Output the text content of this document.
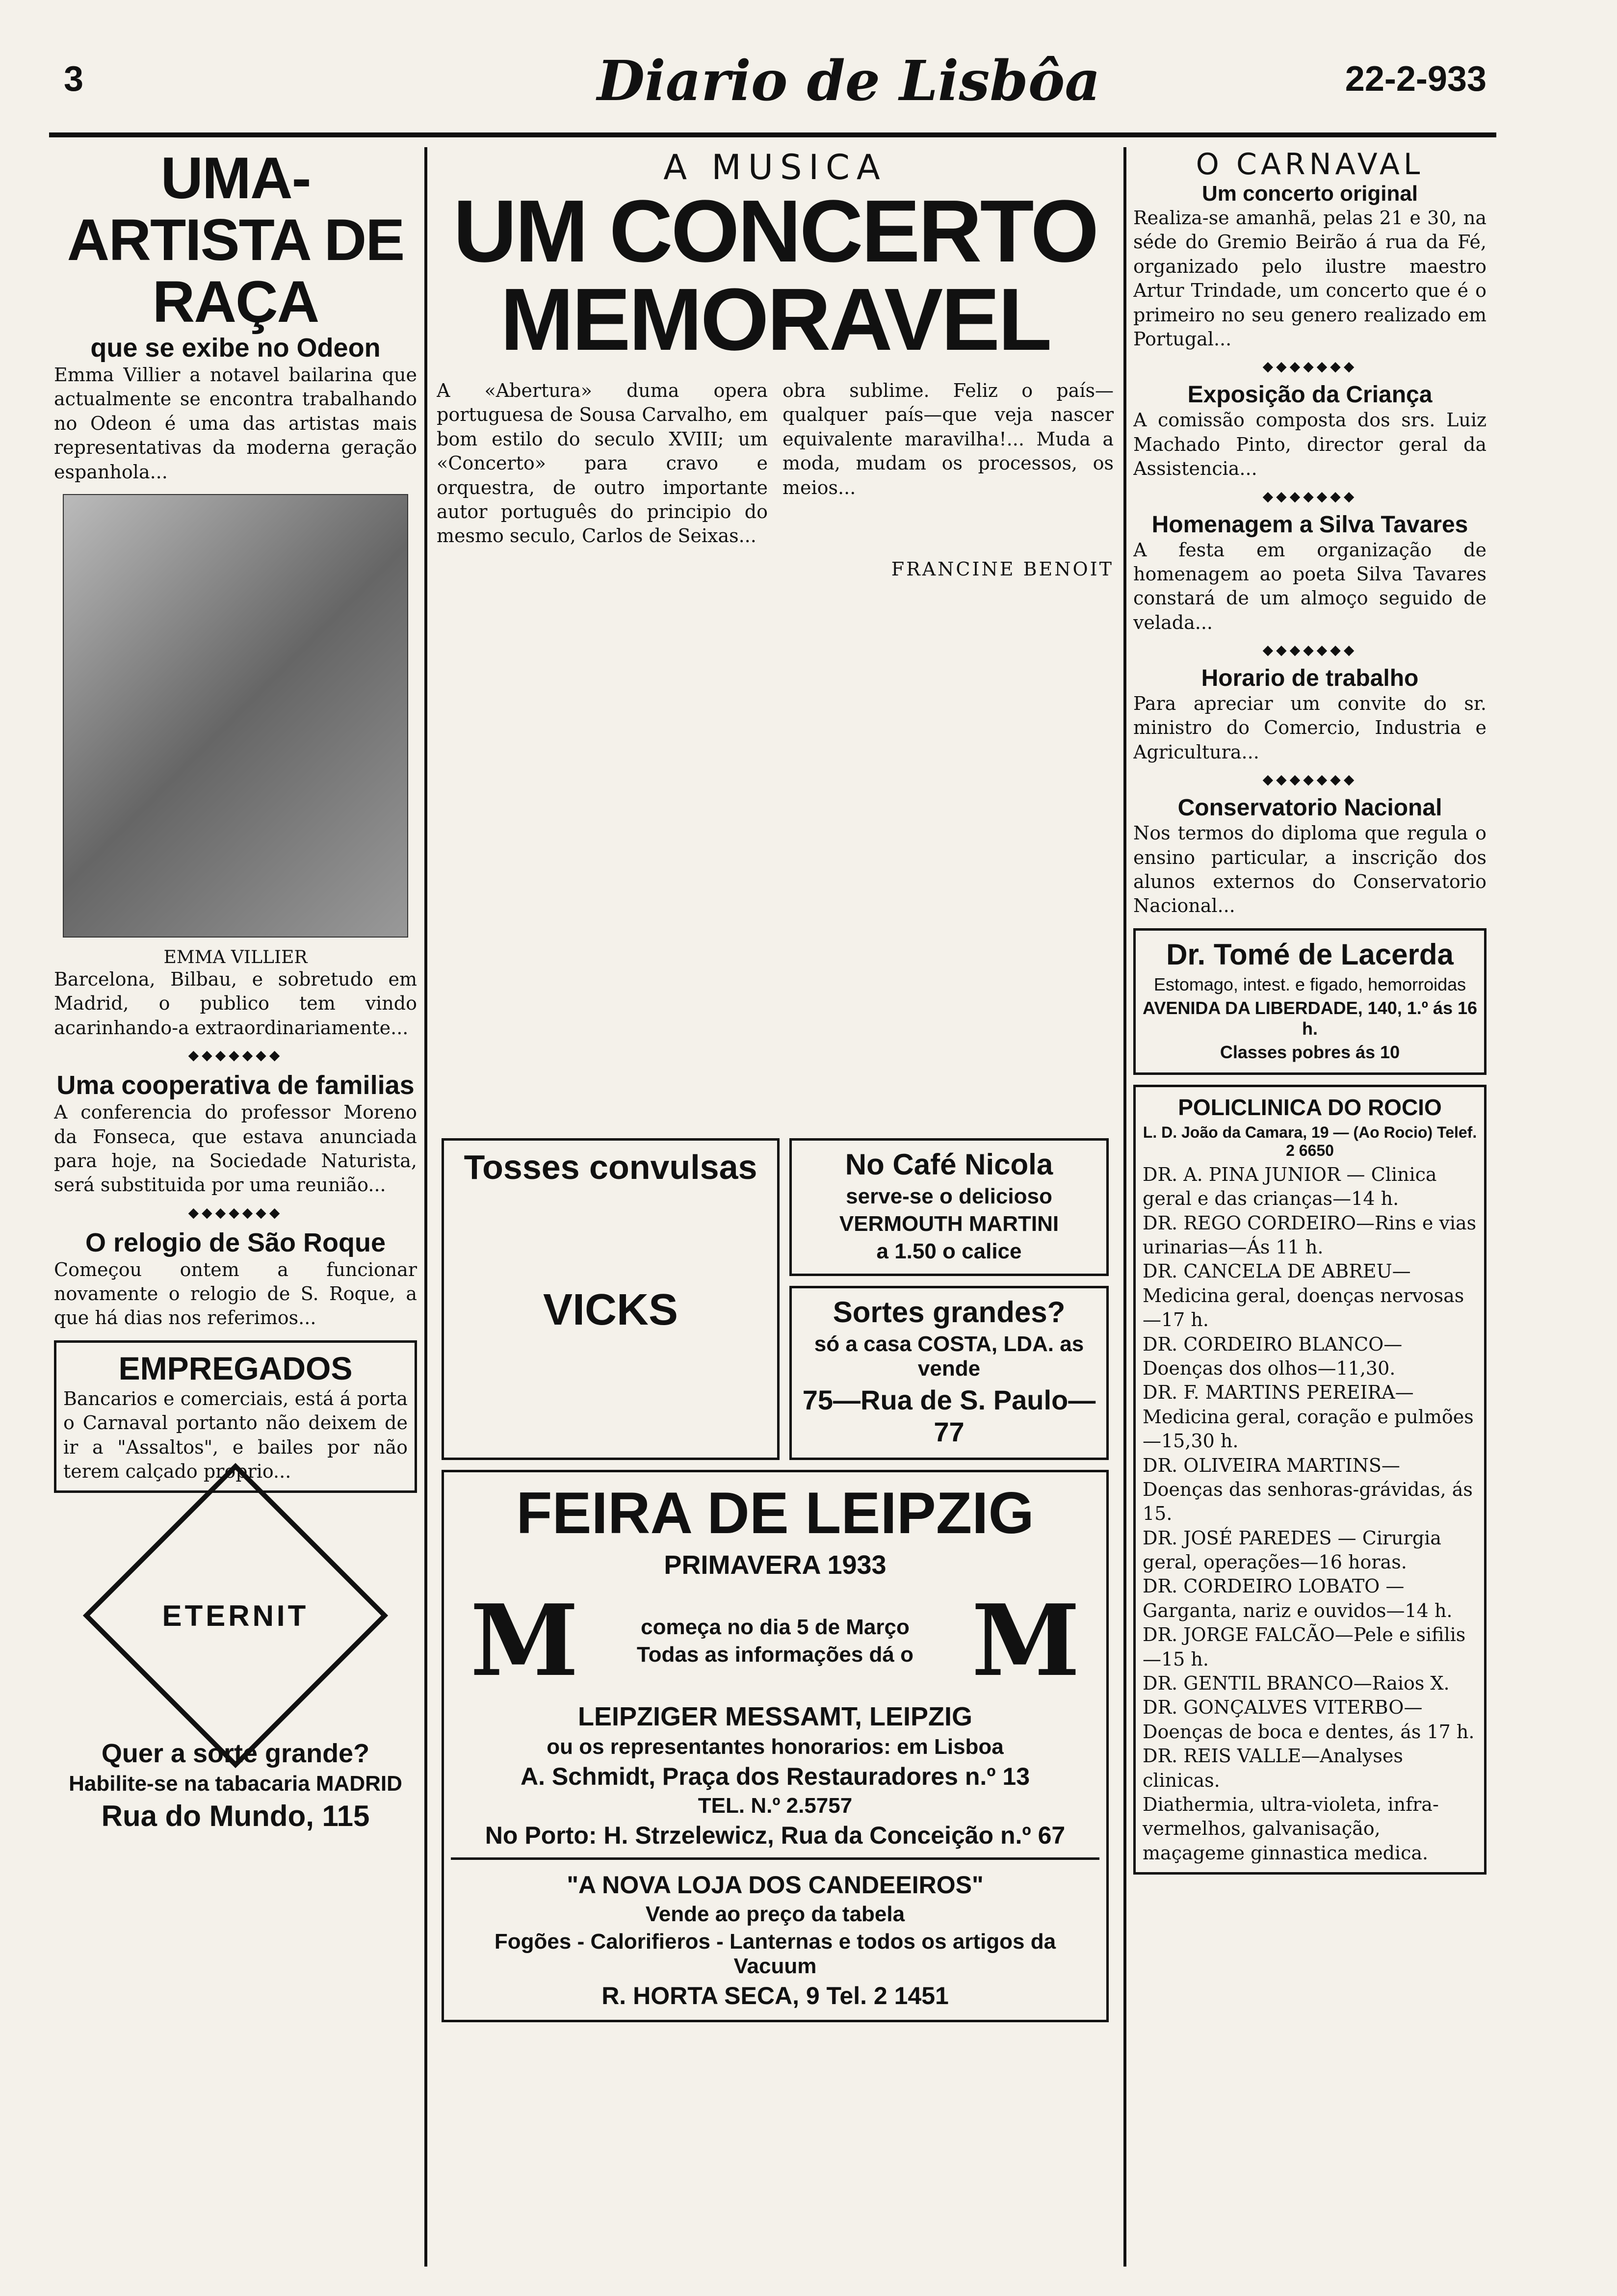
3	Diario de Lisbôa	22-2-933
UMA-ARTISTA DE RAÇA
que se exibe no Odeon
Emma Villier a notavel bailarina que actualmente se encontra trabalhando no Odeon é uma das artistas mais representativas da moderna geração espanhola...
EMMA VILLIER
Barcelona, Bilbau, e sobretudo em Madrid, o publico tem vindo acarinhando-a extraordinariamente...
◆◆◆◆◆◆◆
Uma cooperativa de familias
A conferencia do professor Moreno da Fonseca, que estava anunciada para hoje, na Sociedade Naturista, será substituida por uma reunião...
◆◆◆◆◆◆◆
O relogio de São Roque
Começou ontem a funcionar novamente o relogio de S. Roque, a que há dias nos referimos...
EMPREGADOS
Bancarios e comerciais, está á porta o Carnaval portanto não deixem de ir a "Assaltos", e bailes por não terem calçado proprio...
ETERNIT
Quer a sorte grande?
Habilite-se na tabacaria MADRID
Rua do Mundo, 115
A MUSICA
UM CONCERTO MEMORAVEL
A «Abertura» duma opera portuguesa de Sousa Carvalho, em bom estilo do seculo XVIII; um «Concerto» para cravo e orquestra, de outro importante autor português do principio do mesmo seculo, Carlos de Seixas...
obra sublime. Feliz o país—qualquer país—que veja nascer equivalente maravilha!... Muda a moda, mudam os processos, os meios...
FRANCINE BENOIT
Tosses convulsas
VICKS
No Café Nicola
serve-se o delicioso
VERMOUTH MARTINI
a 1.50 o calice
Sortes grandes?
só a casa COSTA, LDA. as vende
75—Rua de S. Paulo—77
FEIRA DE LEIPZIG
PRIMAVERA 1933
M	começa no dia 5 de Março
Todas as informações dá o M
LEIPZIGER MESSAMT, LEIPZIG
ou os representantes honorarios: em Lisboa
A. Schmidt, Praça dos Restauradores n.º 13
TEL. N.º 2.5757
No Porto: H. Strzelewicz, Rua da Conceição n.º 67
"A NOVA LOJA DOS CANDEEIROS"
Vende ao preço da tabela
Fogões - Calorifieros - Lanternas e todos os artigos da Vacuum
R. HORTA SECA, 9 Tel. 2 1451
O CARNAVAL
Um concerto original
Realiza-se amanhã, pelas 21 e 30, na séde do Gremio Beirão á rua da Fé, organizado pelo ilustre maestro Artur Trindade, um concerto que é o primeiro no seu genero realizado em Portugal...
◆◆◆◆◆◆◆
Exposição da Criança
A comissão composta dos srs. Luiz Machado Pinto, director geral da Assistencia...
◆◆◆◆◆◆◆
Homenagem a Silva Tavares
A festa em organização de homenagem ao poeta Silva Tavares constará de um almoço seguido de velada...
◆◆◆◆◆◆◆
Horario de trabalho
Para apreciar um convite do sr. ministro do Comercio, Industria e Agricultura...
◆◆◆◆◆◆◆
Conservatorio Nacional
Nos termos do diploma que regula o ensino particular, a inscrição dos alunos externos do Conservatorio Nacional...
Dr. Tomé de Lacerda
Estomago, intest. e figado, hemorroidas
AVENIDA DA LIBERDADE, 140, 1.º ás 16 h.
Classes pobres ás 10
POLICLINICA DO ROCIO
L. D. João da Camara, 19 — (Ao Rocio) Telef. 2 6650
DR. A. PINA JUNIOR — Clinica geral e das crianças—14 h.
DR. REGO CORDEIRO—Rins e vias urinarias—Ás 11 h.
DR. CANCELA DE ABREU—Medicina geral, doenças nervosas—17 h.
DR. CORDEIRO BLANCO—Doenças dos olhos—11,30.
DR. F. MARTINS PEREIRA—Medicina geral, coração e pulmões—15,30 h.
DR. OLIVEIRA MARTINS—Doenças das senhoras-grávidas, ás 15.
DR. JOSÉ PAREDES — Cirurgia geral, operações—16 horas.
DR. CORDEIRO LOBATO — Garganta, nariz e ouvidos—14 h.
DR. JORGE FALCÃO—Pele e sifilis—15 h.
DR. GENTIL BRANCO—Raios X.
DR. GONÇALVES VITERBO—Doenças de boca e dentes, ás 17 h.
DR. REIS VALLE—Analyses clinicas.
Diathermia, ultra-violeta, infra-vermelhos, galvanisação, maçageme ginnastica medica.
